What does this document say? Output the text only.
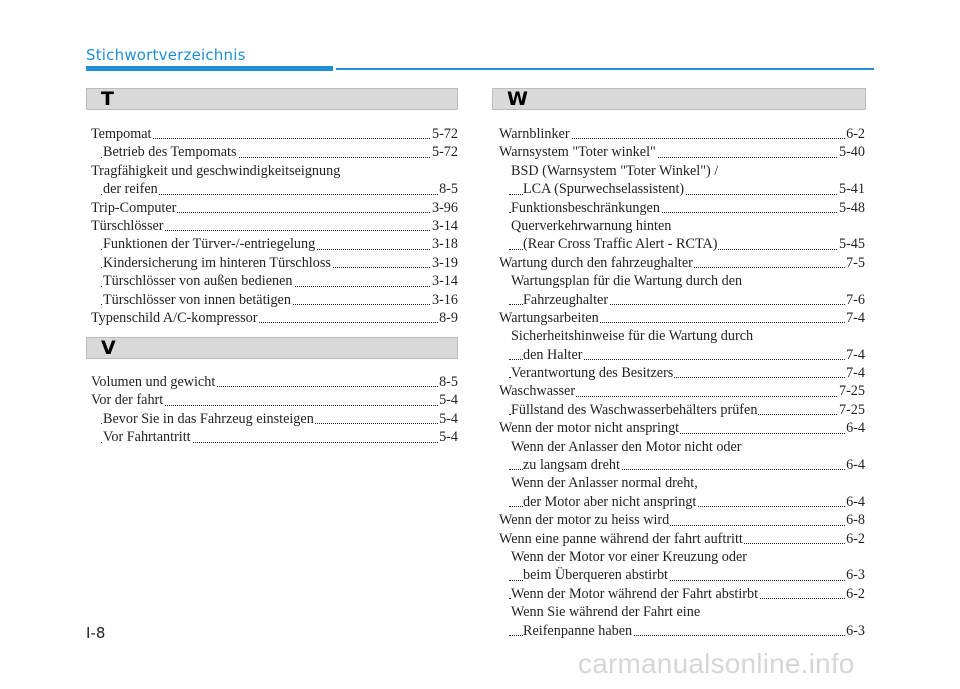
Stichwortverzeichnis
T
Tempomat	5-72
Betrieb des Tempomats	5-72
Tragfähigkeit und geschwindigkeitseignung
der reifen	8-5
Trip-Computer	3-96
Türschlösser	3-14
Funktionen der Türver-/-entriegelung	3-18
Kindersicherung im hinteren Türschloss	3-19
Türschlösser von außen bedienen	3-14
Türschlösser von innen betätigen	3-16
Typenschild A/C-kompressor	8-9
V
Volumen und gewicht	8-5
Vor der fahrt	5-4
Bevor Sie in das Fahrzeug einsteigen	5-4
Vor Fahrtantritt	5-4
W
Warnblinker	6-2
Warnsystem "Toter winkel"	5-40
BSD (Warnsystem "Toter Winkel") /
LCA (Spurwechselassistent)	5-41
Funktionsbeschränkungen	5-48
Querverkehrwarnung hinten
(Rear Cross Traffic Alert - RCTA)	5-45
Wartung durch den fahrzeughalter	7-5
Wartungsplan für die Wartung durch den
Fahrzeughalter	7-6
Wartungsarbeiten	7-4
Sicherheitshinweise für die Wartung durch
den Halter	7-4
Verantwortung des Besitzers	7-4
Waschwasser	7-25
Füllstand des Waschwasserbehälters prüfen	7-25
Wenn der motor nicht anspringt	6-4
Wenn der Anlasser den Motor nicht oder
zu langsam dreht	6-4
Wenn der Anlasser normal dreht,
der Motor aber nicht anspringt	6-4
Wenn der motor zu heiss wird	6-8
Wenn eine panne während der fahrt auftritt	6-2
Wenn der Motor vor einer Kreuzung oder
beim Überqueren abstirbt	6-3
Wenn der Motor während der Fahrt abstirbt	6-2
Wenn Sie während der Fahrt eine
Reifenpanne haben	6-3
I-8
carmanualsonline.info
